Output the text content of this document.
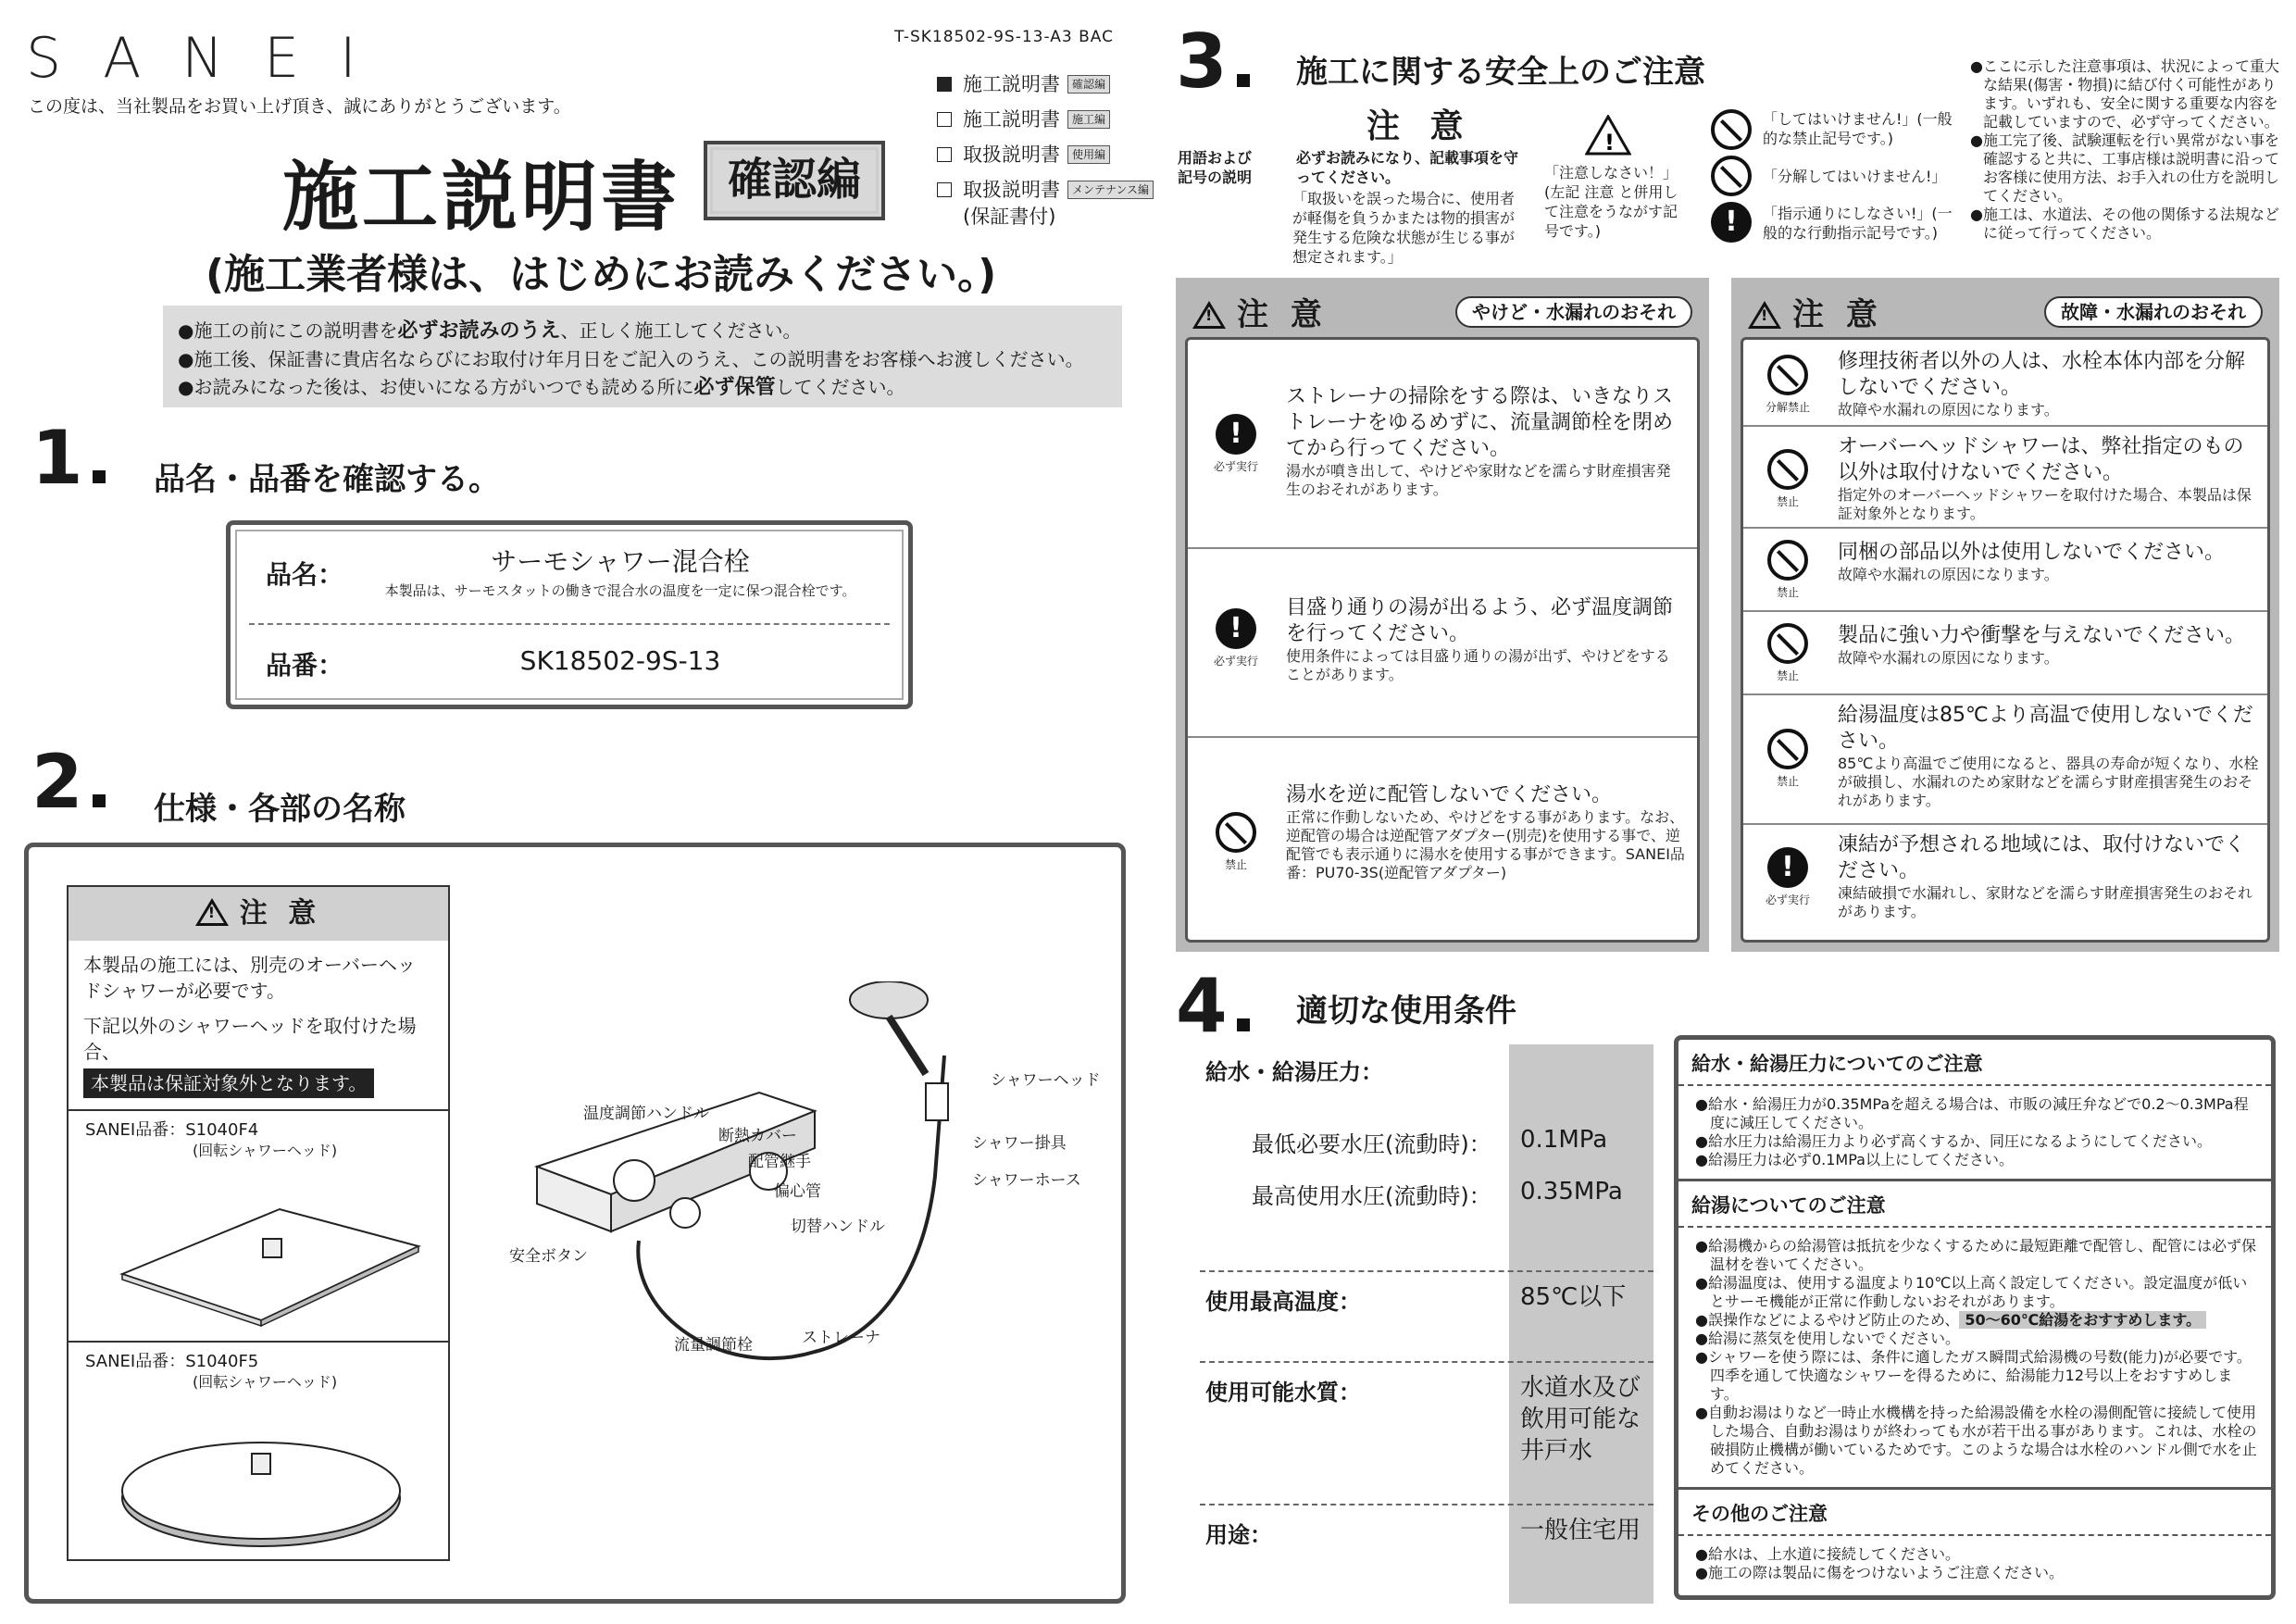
SANEI
この度は、当社製品をお買い上げ頂き、誠にありがとうございます。
T-SK18502-9S-13-A3 BAC
施工説明書	確認編
施工説明書	施工編
取扱説明書	使用編
取扱説明書	メンテナンス編
(保証書付)
施工説明書	確認編
(施工業者様は、はじめにお読みください。)
●施工の前にこの説明書を必ずお読みのうえ、正しく施工してください。
●施工後、保証書に貴店名ならびにお取付け年月日をご記入のうえ、この説明書をお客様へお渡しください。
●お読みになった後は、お使いになる方がいつでも読める所に必ず保管してください。
1	品名・品番を確認する。
品名：	サーモシャワー混合栓
本製品は、サーモスタットの働きで混合水の温度を一定に保つ混合栓です。
品番：	SK18502-9S-13
2	仕様・各部の名称
!注 意
本製品の施工には、別売のオーバーヘッドシャワーが必要です。
下記以外のシャワーヘッドを取付けた場合、
本製品は保証対象外となります。
SANEI品番：S1040F4
(回転シャワーヘッド)
SANEI品番：S1040F5
(回転シャワーヘッド)
温度調節ハンドル
断熱カバー
配管継手
偏心管
切替ハンドル
安全ボタン
流量調節栓	ストレーナ
シャワーヘッド
シャワー掛具
シャワーホース
3	施工に関する安全上のご注意
用語および記号の説明
注 意
必ずお読みになり、記載事項を守ってください。
「取扱いを誤った場合に、使用者が軽傷を負うかまたは物的損害が発生する危険な状態が生じる事が想定されます。」
!
「注意しなさい！」(左記 注意 と併用して注意をうながす記号です。)
「してはいけません!」(一般的な禁止記号です。)
「分解してはいけません!」
!	「指示通りにしなさい!」(一般的な行動指示記号です。)
●ここに示した注意事項は、状況によって重大な結果(傷害・物損)に結び付く可能性があります。いずれも、安全に関する重要な内容を記載していますので、必ず守ってください。
●施工完了後、試験運転を行い異常がない事を確認すると共に、工事店様は説明書に沿ってお客様に使用方法、お手入れの仕方を説明してください。
●施工は、水道法、その他の関係する法規などに従って行ってください。
!注 意	やけど・水漏れのおそれ
!
必ず実行
ストレーナの掃除をする際は、いきなりストレーナをゆるめずに、流量調節栓を閉めてから行ってください。
湯水が噴き出して、やけどや家財などを濡らす財産損害発生のおそれがあります。
!
必ず実行
目盛り通りの湯が出るよう、必ず温度調節を行ってください。
使用条件によっては目盛り通りの湯が出ず、やけどをすることがあります。
禁止
湯水を逆に配管しないでください。
正常に作動しないため、やけどをする事があります。なお、逆配管の場合は逆配管アダプター(別売)を使用する事で、逆配管でも表示通りに湯水を使用する事ができます。SANEI品番：PU70-3S(逆配管アダプター)
!注 意	故障・水漏れのおそれ
分解禁止
修理技術者以外の人は、水栓本体内部を分解しないでください。
故障や水漏れの原因になります。
禁止
オーバーヘッドシャワーは、弊社指定のもの以外は取付けないでください。
指定外のオーバーヘッドシャワーを取付けた場合、本製品は保証対象外となります。
禁止
同梱の部品以外は使用しないでください。
故障や水漏れの原因になります。
禁止
製品に強い力や衝撃を与えないでください。
故障や水漏れの原因になります。
禁止
給湯温度は85℃より高温で使用しないでください。
85℃より高温でご使用になると、器具の寿命が短くなり、水栓が破損し、水漏れのため家財などを濡らす財産損害発生のおそれがあります。
!
必ず実行
凍結が予想される地域には、取付けないでください。
凍結破損で水漏れし、家財などを濡らす財産損害発生のおそれがあります。
4	適切な使用条件
給水・給湯圧力：
最低必要水圧(流動時)： 0.1MPa
最高使用水圧(流動時)： 0.35MPa
使用最高温度：	85℃以下
使用可能水質：	水道水及び飲用可能な井戸水
用途：	一般住宅用
給水・給湯圧力についてのご注意
● 給水・給湯圧力が0.35MPaを超える場合は、市販の減圧弁などで0.2〜0.3MPa程度に減圧してください。
● 給水圧力は給湯圧力より必ず高くするか、同圧になるようにしてください。
● 給湯圧力は必ず0.1MPa以上にしてください。
給湯についてのご注意
● 給湯機からの給湯管は抵抗を少なくするために最短距離で配管し、配管には必ず保温材を巻いてください。
● 給湯温度は、使用する温度より10℃以上高く設定してください。設定温度が低いとサーモ機能が正常に作動しないおそれがあります。
● 誤操作などによるやけど防止のため、 50〜60℃給湯をおすすめします。
● 給湯に蒸気を使用しないでください。
● シャワーを使う際には、条件に適したガス瞬間式給湯機の号数(能力)が必要です。四季を通して快適なシャワーを得るために、給湯能力12号以上をおすすめします。
● 自動お湯はりなど一時止水機構を持った給湯設備を水栓の湯側配管に接続して使用した場合、自動お湯はりが終わっても水が若干出る事があります。これは、水栓の破損防止機構が働いているためです。このような場合は水栓のハンドル側で水を止めてください。
その他のご注意
● 給水は、上水道に接続してください。
● 施工の際は製品に傷をつけないようご注意ください。
